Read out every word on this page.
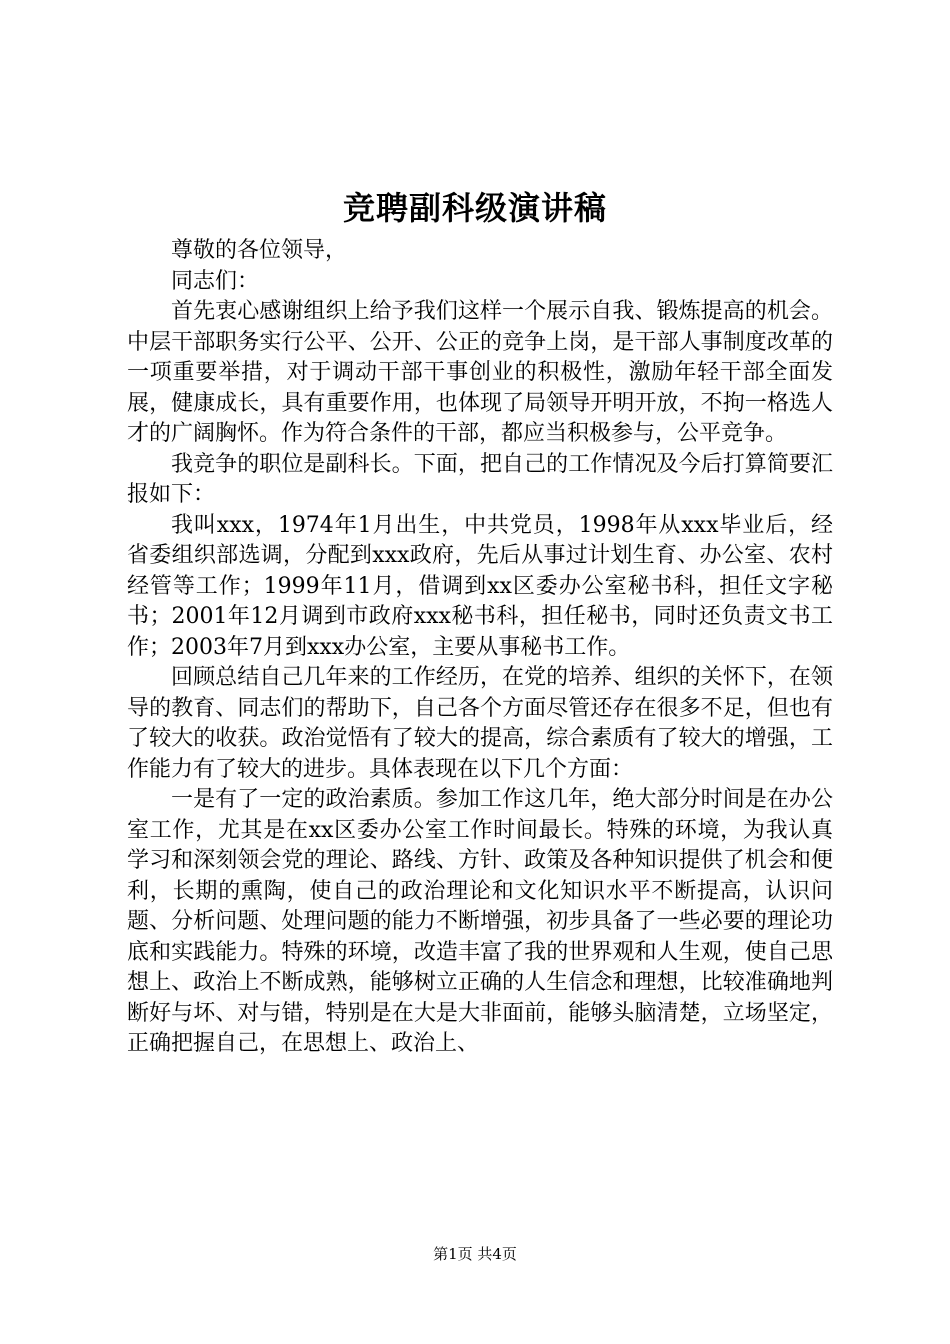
竞聘副科级演讲稿

尊敬的各位领导，

同志们：

首先衷心感谢组织上给予我们这样一个展示自我、锻炼提高的机会。中层干部职务实行公平、公开、公正的竞争上岗，是干部人事制度改革的一项重要举措，对于调动干部干事创业的积极性，激励年轻干部全面发展，健康成长，具有重要作用，也体现了局领导开明开放，不拘一格选人才的广阔胸怀。作为符合条件的干部，都应当积极参与，公平竞争。

我竞争的职位是副科长。下面，把自己的工作情况及今后打算简要汇报如下：

我叫xxx，1974年1月出生，中共党员，1998年从xxx毕业后，经省委组织部选调，分配到xxx政府，先后从事过计划生育、办公室、农村经管等工作；1999年11月，借调到xx区委办公室秘书科，担任文字秘书；2001年12月调到市政府xxx秘书科，担任秘书，同时还负责文书工作；2003年7月到xxx办公室，主要从事秘书工作。

回顾总结自己几年来的工作经历，在党的培养、组织的关怀下，在领导的教育、同志们的帮助下，自己各个方面尽管还存在很多不足，但也有了较大的收获。政治觉悟有了较大的提高，综合素质有了较大的增强，工作能力有了较大的进步。具体表现在以下几个方面：

一是有了一定的政治素质。参加工作这几年，绝大部分时间是在办公室工作，尤其是在xx区委办公室工作时间最长。特殊的环境，为我认真学习和深刻领会党的理论、路线、方针、政策及各种知识提供了机会和便利，长期的熏陶，使自己的政治理论和文化知识水平不断提高，认识问题、分析问题、处理问题的能力不断增强，初步具备了一些必要的理论功底和实践能力。特殊的环境，改造丰富了我的世界观和人生观，使自己思想上、政治上不断成熟，能够树立正确的人生信念和理想，比较准确地判断好与坏、对与错，特别是在大是大非面前，能够头脑清楚，立场坚定，正确把握自己，在思想上、政治上、

第1页 共4页
